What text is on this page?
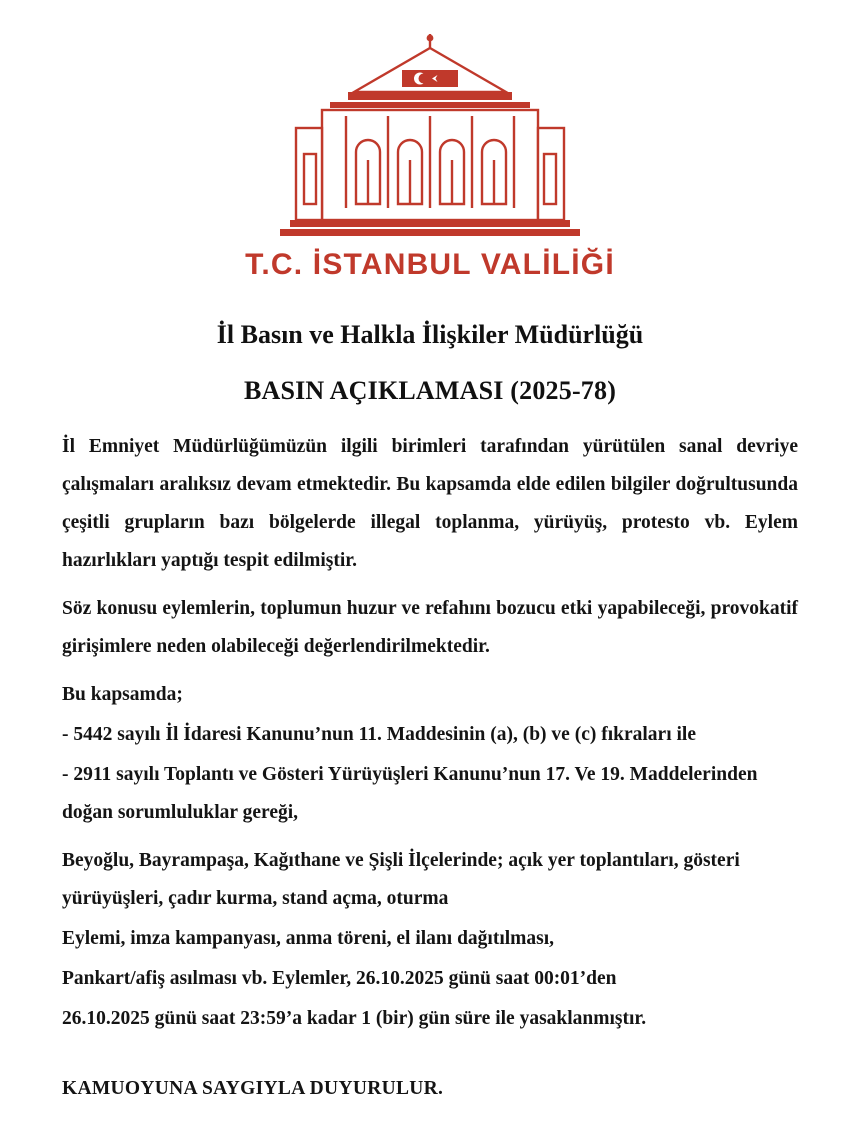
T.C. İSTANBUL VALİLİĞİ
İl Basın ve Halkla İlişkiler Müdürlüğü
BASIN AÇIKLAMASI (2025-78)

İl Emniyet Müdürlüğümüzün ilgili birimleri tarafından yürütülen sanal devriye çalışmaları aralıksız devam etmektedir. Bu kapsamda elde edilen bilgiler doğrultusunda çeşitli grupların bazı bölgelerde illegal toplanma, yürüyüş, protesto vb. Eylem hazırlıkları yaptığı tespit edilmiştir.

Söz konusu eylemlerin, toplumun huzur ve refahını bozucu etki yapabileceği, provokatif girişimlere neden olabileceği değerlendirilmektedir.

Bu kapsamda;

- 5442 sayılı İl İdaresi Kanunu’nun 11. Maddesinin (a), (b) ve (c) fıkraları ile

- 2911 sayılı Toplantı ve Gösteri Yürüyüşleri Kanunu’nun 17. Ve 19. Maddelerinden doğan sorumluluklar gereği,

Beyoğlu, Bayrampaşa, Kağıthane ve Şişli İlçelerinde; açık yer toplantıları, gösteri yürüyüşleri, çadır kurma, stand açma, oturma

Eylemi, imza kampanyası, anma töreni, el ilanı dağıtılması,

Pankart/afiş asılması vb. Eylemler, 26.10.2025 günü saat 00:01’den

26.10.2025 günü saat 23:59’a kadar 1 (bir) gün süre ile yasaklanmıştır.

KAMUOYUNA SAYGIYLA DUYURULUR.
